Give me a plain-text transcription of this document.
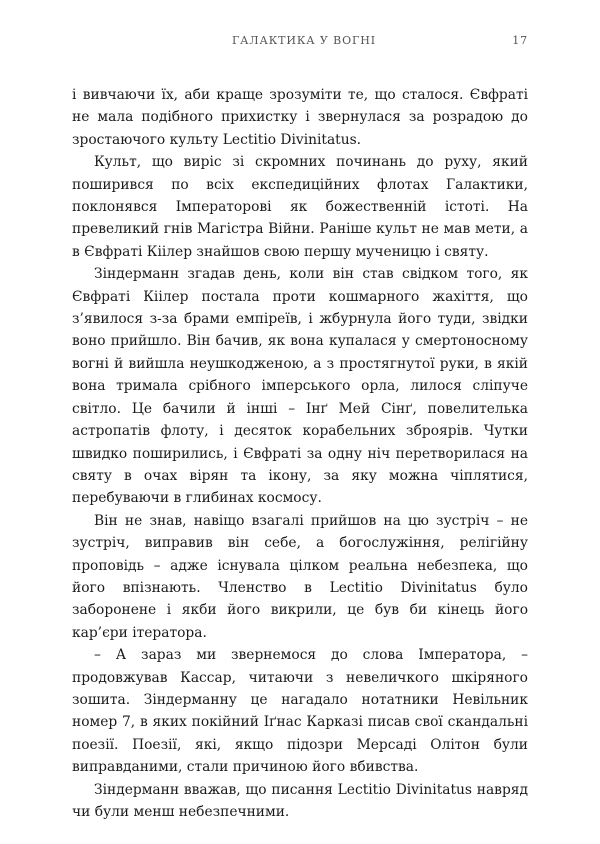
ГАЛАКТИКА У ВОГНІ	17

і вивчаючи їх, аби краще зрозуміти те, що сталося. Євфраті не мала подібного прихистку і звернулася за розрадою до зростаючого культу Lectitio Divinitatus.

Культ, що виріс зі скромних починань до руху, який поширився по всіх експедиційних флотах Галактики, поклонявся Імператорові як божественній істоті. На превеликий гнів Магістра Війни. Раніше культ не мав мети, а в Євфраті Кіілер знайшов свою першу мученицю і святу.

Зіндерманн згадав день, коли він став свідком того, як Євфраті Кіілер постала проти кошмарного жахіття, що з’явилося з-за брами емпіреїв, і жбурнула його туди, звідки воно прийшло. Він бачив, як вона купалася у смертоносному вогні й вийшла неушкодженою, а з простягнутої руки, в якій вона тримала срібного імперського орла, лилося сліпуче світло. Це бачили й інші – Інґ Мей Сінґ, повелителька астропатів флоту, і десяток корабельних зброярів. Чутки швидко поширились, і Євфраті за одну ніч перетворилася на святу в очах вірян та ікону, за яку можна чіплятися, перебуваючи в глибинах космосу.

Він не знав, навіщо взагалі прийшов на цю зустріч – не зустріч, виправив він себе, а богослужіння, релігійну проповідь – адже існувала цілком реальна небезпека, що його впізнають. Членство в Lectitio Divinitatus було заборонене і якби його викрили, це був би кінець його кар’єри ітератора.

– А зараз ми звернемося до слова Імператора, – продовжував Кассар, читаючи з невеличкого шкіряного зошита. Зіндерманну це нагадало нотатники Невільник номер 7, в яких покійний Іґнас Карказі писав свої скандальні поезії. Поезії, які, якщо підозри Мерсаді Олітон були виправданими, стали причиною його вбивства.

Зіндерманн вважав, що писання Lectitio Divinitatus навряд чи були менш небезпечними.
